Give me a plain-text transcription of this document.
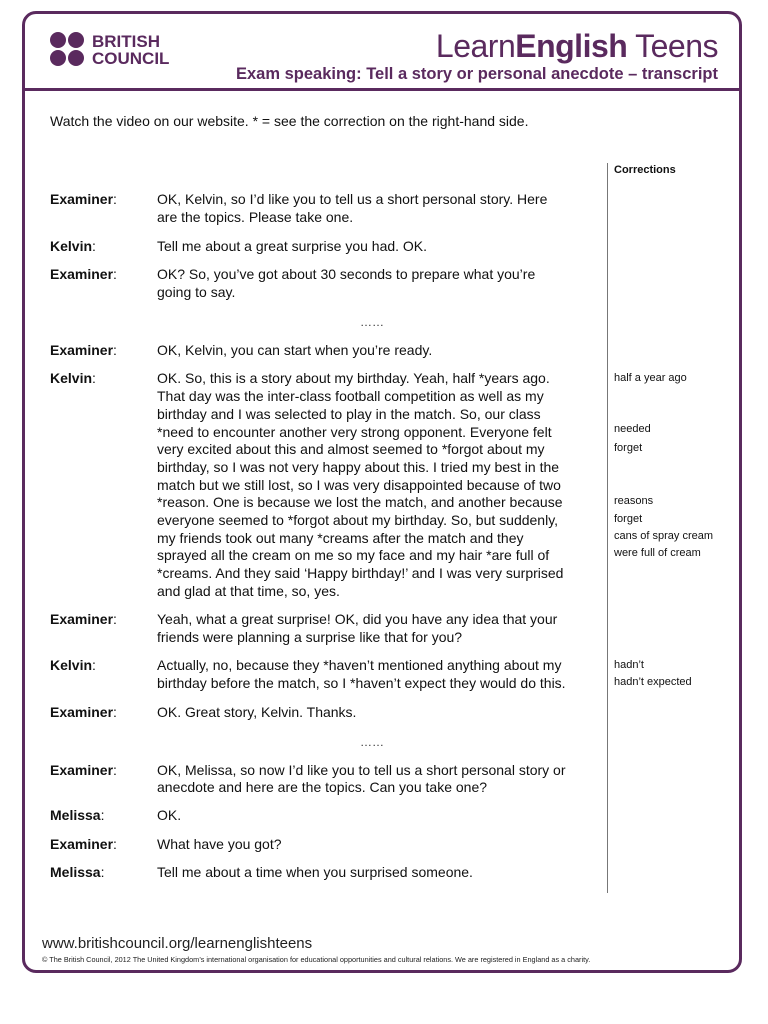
BRITISH
COUNCIL	LearnEnglish Teens
Exam speaking: Tell a story or personal anecdote – transcript
Watch the video on our website. * = see the correction on the right-hand side.
Corrections
Examiner:	OK, Kelvin, so I’d like you to tell us a short personal story. Here
are the topics. Please take one.
Kelvin:	Tell me about a great surprise you had. OK.
Examiner:	OK? So, you’ve got about 30 seconds to prepare what you’re
going to say.
……
Examiner:	OK, Kelvin, you can start when you’re ready.
Kelvin:	OK. So, this is a story about my birthday. Yeah, half *years ago.
That day was the inter-class football competition as well as my
birthday and I was selected to play in the match. So, our class
*need to encounter another very strong opponent. Everyone felt
very excited about this and almost seemed to *forgot about my
birthday, so I was not very happy about this. I tried my best in the
match but we still lost, so I was very disappointed because of two
*reason. One is because we lost the match, and another because
everyone seemed to *forgot about my birthday. So, but suddenly,
my friends took out many *creams after the match and they
sprayed all the cream on me so my face and my hair *are full of
*creams. And they said ‘Happy birthday!’ and I was very surprised
and glad at that time, so, yes.
Examiner:	Yeah, what a great surprise! OK, did you have any idea that your
friends were planning a surprise like that for you?
Kelvin:	Actually, no, because they *haven’t mentioned anything about my
birthday before the match, so I *haven’t expect they would do this.
Examiner:	OK. Great story, Kelvin. Thanks.
……
Examiner:	OK, Melissa, so now I’d like you to tell us a short personal story or
anecdote and here are the topics. Can you take one?
Melissa:	OK.
Examiner:	What have you got?
Melissa:	Tell me about a time when you surprised someone.
half a year ago
needed
forget
reasons
forget
cans of spray cream
were full of cream
hadn’t
hadn’t expected
www.britishcouncil.org/learnenglishteens
© The British Council, 2012 The United Kingdom’s international organisation for educational opportunities and cultural relations. We are registered in England as a charity.
